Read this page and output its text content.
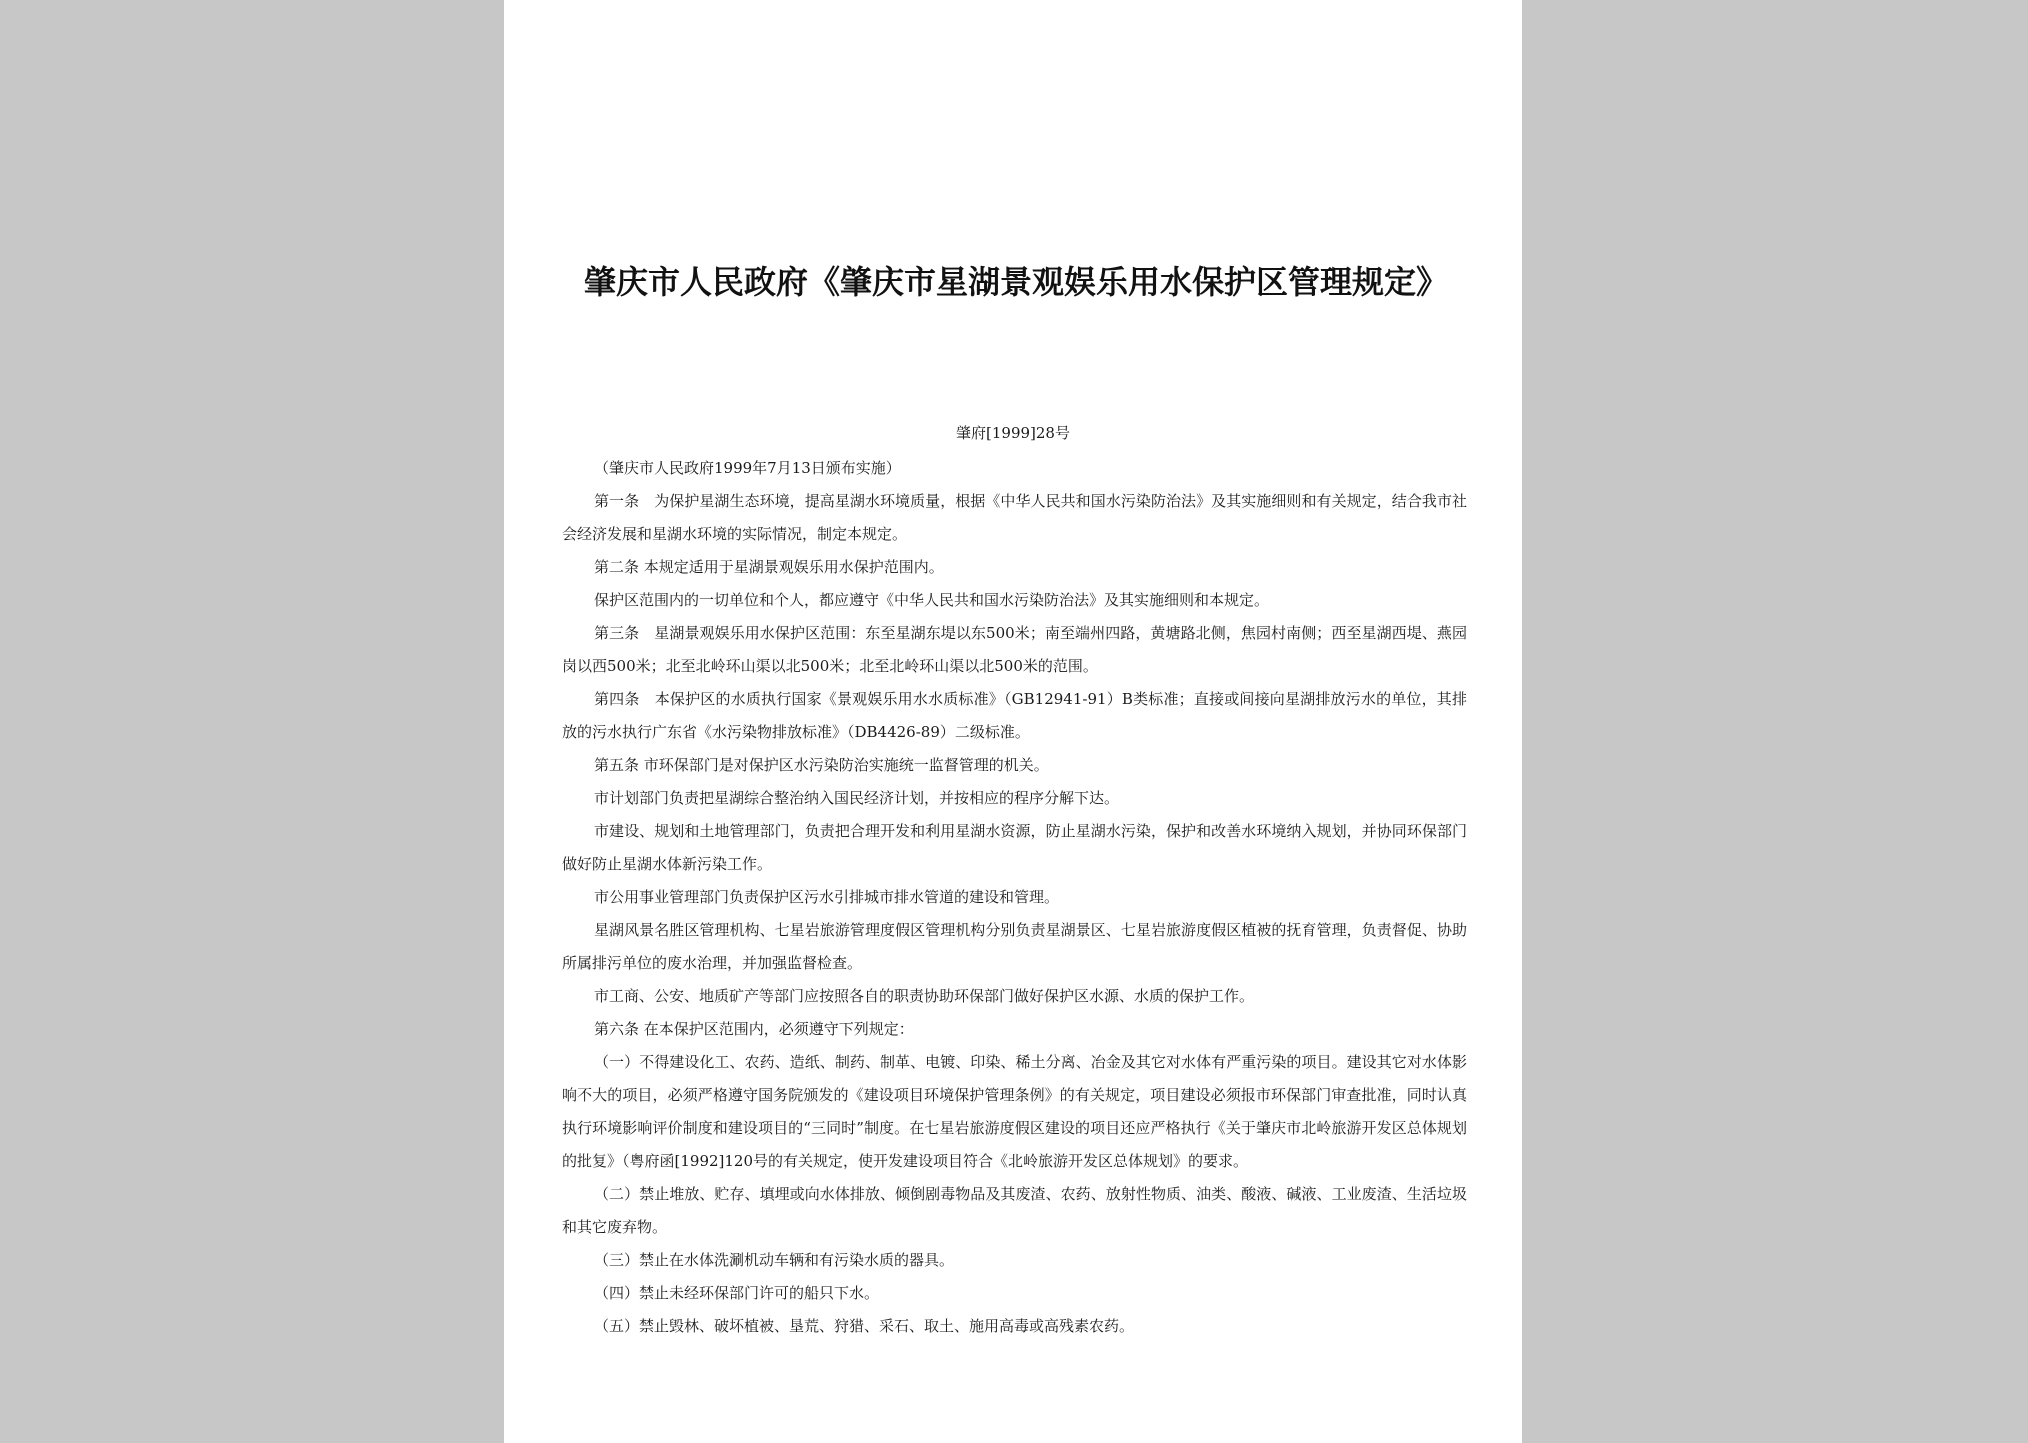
肇庆市人民政府《肇庆市星湖景观娱乐用水保护区管理规定》

肇府[1999]28号

（肇庆市人民政府1999年7月13日颁布实施）

第一条　为保护星湖生态环境，提高星湖水环境质量，根据《中华人民共和国水污染防治法》及其实施细则和有关规定，结合我市社会经济发展和星湖水环境的实际情况，制定本规定。

第二条 本规定适用于星湖景观娱乐用水保护范围内。

保护区范围内的一切单位和个人，都应遵守《中华人民共和国水污染防治法》及其实施细则和本规定。

第三条　星湖景观娱乐用水保护区范围：东至星湖东堤以东500米；南至端州四路，黄塘路北侧，焦园村南侧；西至星湖西堤、燕园岗以西500米；北至北岭环山渠以北500米；北至北岭环山渠以北500米的范围。

第四条　本保护区的水质执行国家《景观娱乐用水水质标准》（GB12941-91）B类标准；直接或间接向星湖排放污水的单位，其排放的污水执行广东省《水污染物排放标准》（DB4426-89）二级标准。

第五条 市环保部门是对保护区水污染防治实施统一监督管理的机关。

市计划部门负责把星湖综合整治纳入国民经济计划，并按相应的程序分解下达。

市建设、规划和土地管理部门，负责把合理开发和利用星湖水资源，防止星湖水污染，保护和改善水环境纳入规划，并协同环保部门做好防止星湖水体新污染工作。

市公用事业管理部门负责保护区污水引排城市排水管道的建设和管理。

星湖风景名胜区管理机构、七星岩旅游管理度假区管理机构分别负责星湖景区、七星岩旅游度假区植被的抚育管理，负责督促、协助所属排污单位的废水治理，并加强监督检查。

市工商、公安、地质矿产等部门应按照各自的职责协助环保部门做好保护区水源、水质的保护工作。

第六条 在本保护区范围内，必须遵守下列规定：

（一）不得建设化工、农药、造纸、制药、制革、电镀、印染、稀土分离、冶金及其它对水体有严重污染的项目。建设其它对水体影响不大的项目，必须严格遵守国务院颁发的《建设项目环境保护管理条例》的有关规定，项目建设必须报市环保部门审查批准，同时认真执行环境影响评价制度和建设项目的“三同时”制度。在七星岩旅游度假区建设的项目还应严格执行《关于肇庆市北岭旅游开发区总体规划的批复》（粤府函[1992]120号的有关规定，使开发建设项目符合《北岭旅游开发区总体规划》的要求。

（二）禁止堆放、贮存、填埋或向水体排放、倾倒剧毒物品及其废渣、农药、放射性物质、油类、酸液、碱液、工业废渣、生活垃圾和其它废弃物。

（三）禁止在水体洗涮机动车辆和有污染水质的器具。

（四）禁止未经环保部门许可的船只下水。

（五）禁止毁林、破坏植被、垦荒、狩猎、采石、取土、施用高毒或高残素农药。
